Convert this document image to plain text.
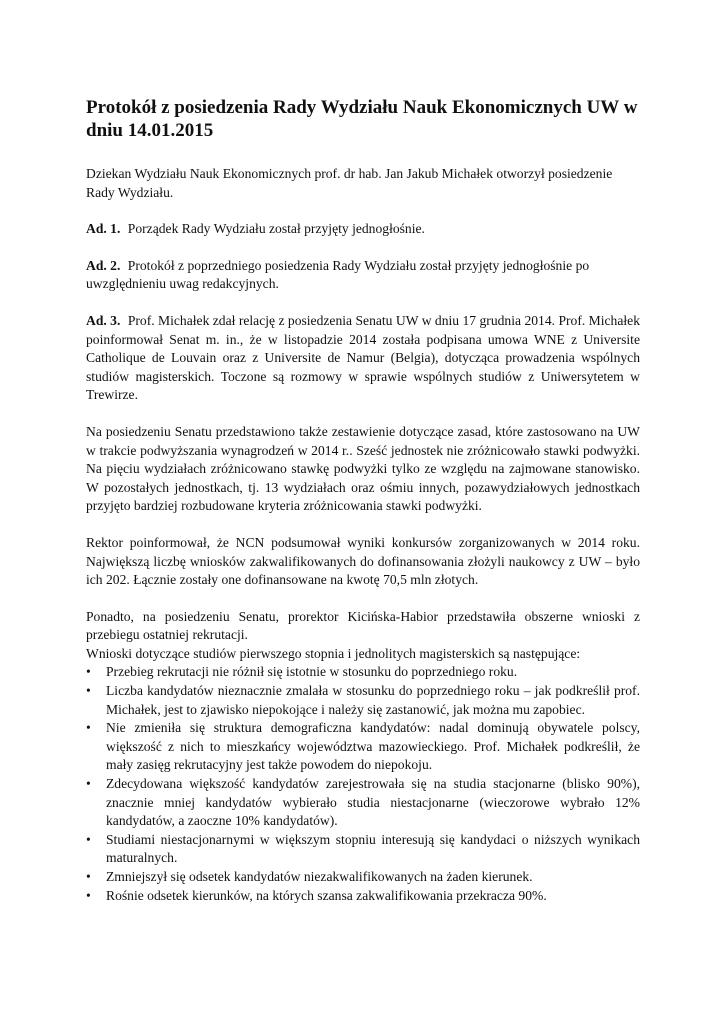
Protokół z posiedzenia Rady Wydziału Nauk Ekonomicznych UW w dniu 14.01.2015

Dziekan Wydziału Nauk Ekonomicznych prof. dr hab. Jan Jakub Michałek otworzył posiedzenie Rady Wydziału.

Ad. 1. Porządek Rady Wydziału został przyjęty jednogłośnie.

Ad. 2. Protokół z poprzedniego posiedzenia Rady Wydziału został przyjęty jednogłośnie po uwzględnieniu uwag redakcyjnych.

Ad. 3. Prof. Michałek zdał relację z posiedzenia Senatu UW w dniu 17 grudnia 2014. Prof. Michałek poinformował Senat m. in., że w listopadzie 2014 została podpisana umowa WNE z Universite Catholique de Louvain oraz z Universite de Namur (Belgia), dotycząca prowadzenia wspólnych studiów magisterskich. Toczone są rozmowy w sprawie wspólnych studiów z Uniwersytetem w Trewirze.

Na posiedzeniu Senatu przedstawiono także zestawienie dotyczące zasad, które zastosowano na UW w trakcie podwyższania wynagrodzeń w 2014 r.. Sześć jednostek nie zróżnicowało stawki podwyżki. Na pięciu wydziałach zróżnicowano stawkę podwyżki tylko ze względu na zajmowane stanowisko. W pozostałych jednostkach, tj. 13 wydziałach oraz ośmiu innych, pozawydziałowych jednostkach przyjęto bardziej rozbudowane kryteria zróżnicowania stawki podwyżki.

Rektor poinformował, że NCN podsumował wyniki konkursów zorganizowanych w 2014 roku. Największą liczbę wniosków zakwalifikowanych do dofinansowania złożyli naukowcy z UW – było ich 202. Łącznie zostały one dofinansowane na kwotę 70,5 mln złotych.

Ponadto, na posiedzeniu Senatu, prorektor Kicińska-Habior przedstawiła obszerne wnioski z przebiegu ostatniej rekrutacji.

Wnioski dotyczące studiów pierwszego stopnia i jednolitych magisterskich są następujące:

• Przebieg rekrutacji nie różnił się istotnie w stosunku do poprzedniego roku.
• Liczba kandydatów nieznacznie zmalała w stosunku do poprzedniego roku – jak podkreślił prof. Michałek, jest to zjawisko niepokojące i należy się zastanowić, jak można mu zapobiec.
• Nie zmieniła się struktura demograficzna kandydatów: nadal dominują obywatele polscy, większość z nich to mieszkańcy województwa mazowieckiego. Prof. Michałek podkreślił, że mały zasięg rekrutacyjny jest także powodem do niepokoju.
• Zdecydowana większość kandydatów zarejestrowała się na studia stacjonarne (blisko 90%), znacznie mniej kandydatów wybierało studia niestacjonarne (wieczorowe wybrało 12% kandydatów, a zaoczne 10% kandydatów).
• Studiami niestacjonarnymi w większym stopniu interesują się kandydaci o niższych wynikach maturalnych.
• Zmniejszył się odsetek kandydatów niezakwalifikowanych na żaden kierunek.
• Rośnie odsetek kierunków, na których szansa zakwalifikowania przekracza 90%.
